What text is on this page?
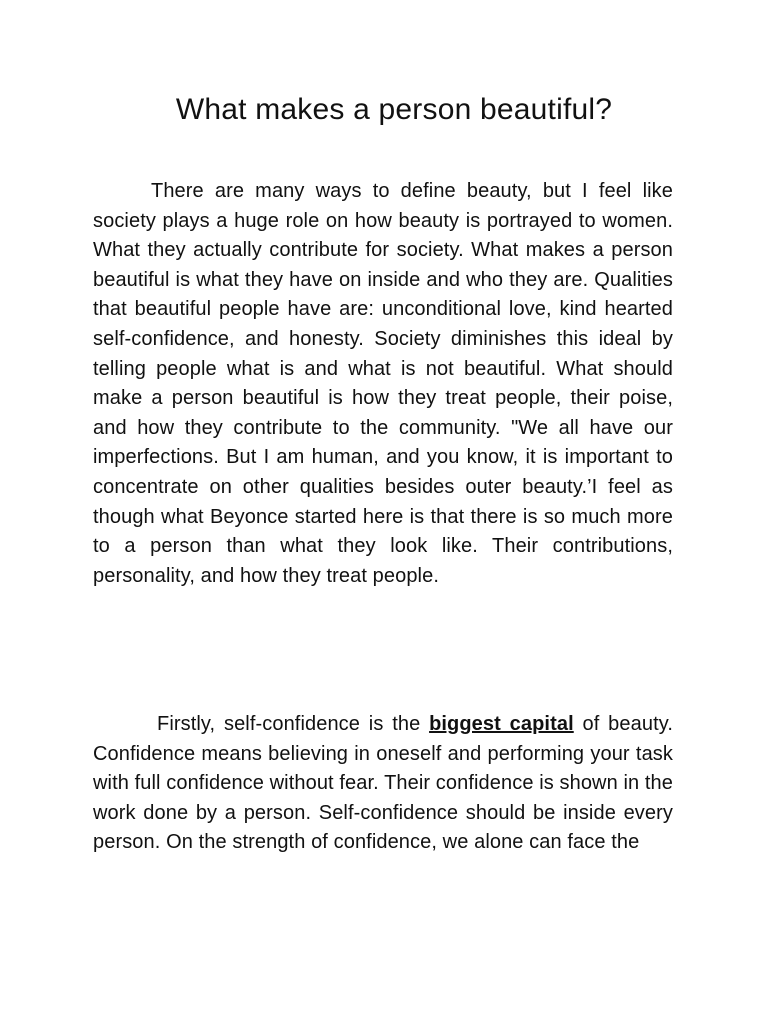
What makes a person beautiful?

There are many ways to define beauty, but I feel like society plays a huge role on how beauty is portrayed to women. What they actually contribute for society. What makes a person beautiful is what they have on inside and who they are. Qualities that beautiful people have are: unconditional love, kind hearted self-confidence, and honesty. Society diminishes this ideal by telling people what is and what is not beautiful. What should make a person beautiful is how they treat people, their poise, and how they contribute to the community. "We all have our imperfections. But I am human, and you know, it is important to concentrate on other qualities besides outer beauty.’I feel as though what Beyonce started here is that there is so much more to a person than what they look like. Their contributions, personality, and how they treat people.

Firstly, self-confidence is the biggest capital of beauty. Confidence means believing in oneself and performing your task with full confidence without fear. Their confidence is shown in the work done by a person. Self-confidence should be inside every person. On the strength of confidence, we alone can face the
